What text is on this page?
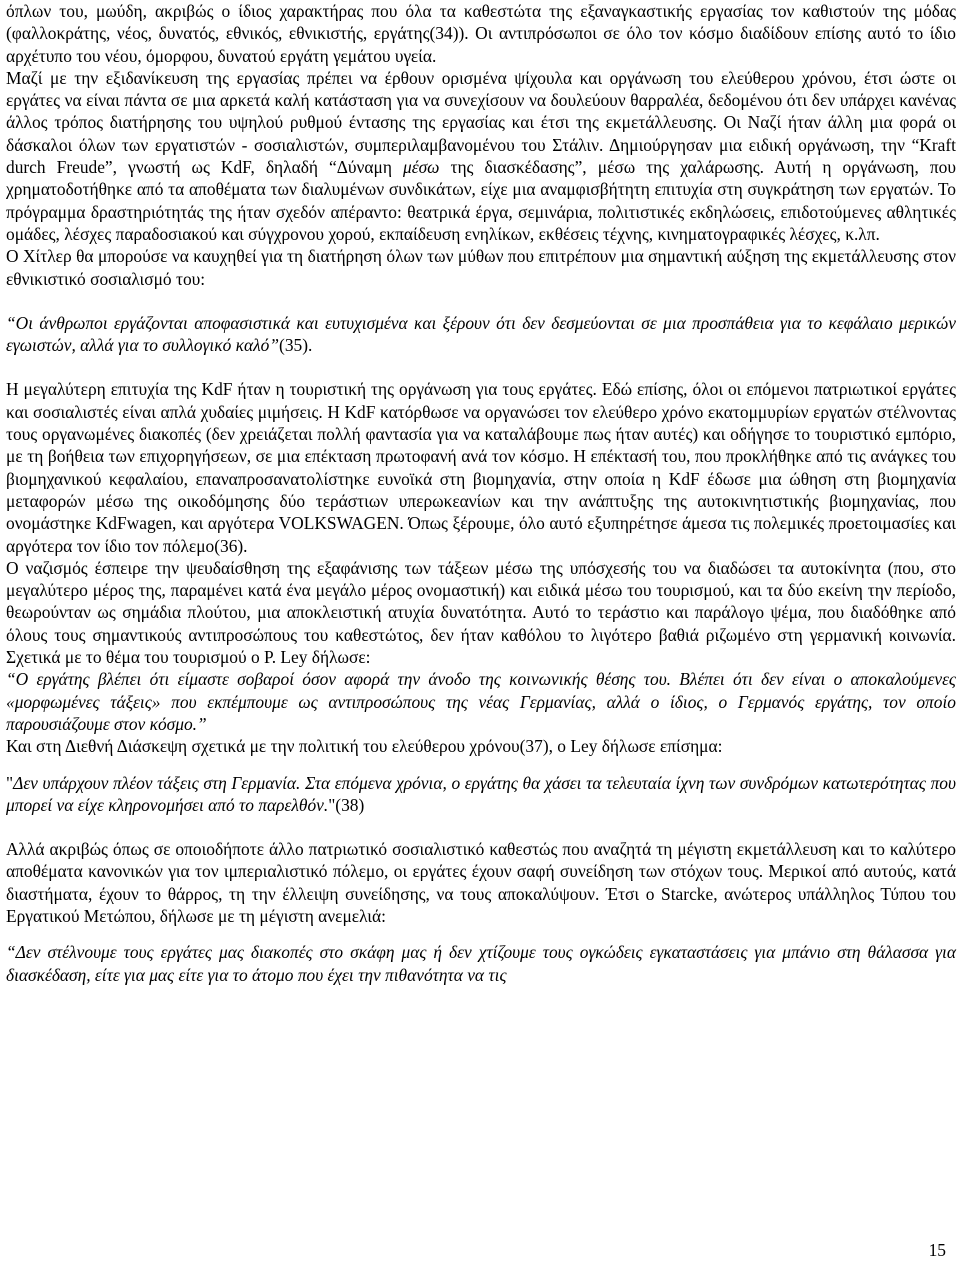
όπλων του, μωύδη, ακριβώς ο ίδιος χαρακτήρας που όλα τα καθεστώτα της εξαναγκαστικής εργασίας τον καθιστούν της μόδας (φαλλοκράτης, νέος, δυνατός, εθνικός, εθνικιστής, εργάτης(34)). Οι αντιπρόσωποι σε όλο τον κόσμο διαδίδουν επίσης αυτό το ίδιο αρχέτυπο του νέου, όμορφου, δυνατού εργάτη γεμάτου υγεία.

Μαζί με την εξιδανίκευση της εργασίας πρέπει να έρθουν ορισμένα ψίχουλα και οργάνωση του ελεύθερου χρόνου, έτσι ώστε οι εργάτες να είναι πάντα σε μια αρκετά καλή κατάσταση για να συνεχίσουν να δουλεύουν θαρραλέα, δεδομένου ότι δεν υπάρχει κανένας άλλος τρόπος διατήρησης του υψηλού ρυθμού έντασης της εργασίας και έτσι της εκμετάλλευσης. Οι Ναζί ήταν άλλη μια φορά οι δάσκαλοι όλων των εργατιστών - σοσιαλιστών, συμπεριλαμβανομένου του Στάλιν. Δημιούργησαν μια ειδική οργάνωση, την “Kraft durch Freude”, γνωστή ως KdF, δηλαδή “Δύναμη μέσω της διασκέδασης”, μέσω της χαλάρωσης. Αυτή η οργάνωση, που χρηματοδοτήθηκε από τα αποθέματα των διαλυμένων συνδικάτων, είχε μια αναμφισβήτητη επιτυχία στη συγκράτηση των εργατών. Το πρόγραμμα δραστηριότητάς της ήταν σχεδόν απέραντο: θεατρικά έργα, σεμινάρια, πολιτιστικές εκδηλώσεις, επιδοτούμενες αθλητικές ομάδες, λέσχες παραδοσιακού και σύγχρονου χορού, εκπαίδευση ενηλίκων, εκθέσεις τέχνης, κινηματογραφικές λέσχες, κ.λπ.

Ο Χίτλερ θα μπορούσε να καυχηθεί για τη διατήρηση όλων των μύθων που επιτρέπουν μια σημαντική αύξηση της εκμετάλλευσης στον εθνικιστικό σοσιαλισμό του:

“Οι άνθρωποι εργάζονται αποφασιστικά και ευτυχισμένα και ξέρουν ότι δεν δεσμεύονται σε μια προσπάθεια για το κεφάλαιο μερικών εγωιστών, αλλά για το συλλογικό καλό”(35).

Η μεγαλύτερη επιτυχία της KdF ήταν η τουριστική της οργάνωση για τους εργάτες. Εδώ επίσης, όλοι οι επόμενοι πατριωτικοί εργάτες και σοσιαλιστές είναι απλά χυδαίες μιμήσεις. Η KdF κατόρθωσε να οργανώσει τον ελεύθερο χρόνο εκατομμυρίων εργατών στέλνοντας τους οργανωμένες διακοπές (δεν χρειάζεται πολλή φαντασία για να καταλάβουμε πως ήταν αυτές) και οδήγησε το τουριστικό εμπόριο, με τη βοήθεια των επιχορηγήσεων, σε μια επέκταση πρωτοφανή ανά τον κόσμο. Η επέκτασή του, που προκλήθηκε από τις ανάγκες του βιομηχανικού κεφαλαίου, επαναπροσανατολίστηκε ευνοϊκά στη βιομηχανία, στην οποία η KdF έδωσε μια ώθηση στη βιομηχανία μεταφορών μέσω της οικοδόμησης δύο τεράστιων υπερωκεανίων και την ανάπτυξης της αυτοκινητιστικής βιομηχανίας, που ονομάστηκε KdFwagen, και αργότερα VOLKSWAGEN. Όπως ξέρουμε, όλο αυτό εξυπηρέτησε άμεσα τις πολεμικές προετοιμασίες και αργότερα τον ίδιο τον πόλεμο(36).

Ο ναζισμός έσπειρε την ψευδαίσθηση της εξαφάνισης των τάξεων μέσω της υπόσχεσής του να διαδώσει τα αυτοκίνητα (που, στο μεγαλύτερο μέρος της, παραμένει κατά ένα μεγάλο μέρος ονομαστική) και ειδικά μέσω του τουρισμού, και τα δύο εκείνη την περίοδο, θεωρούνταν ως σημάδια πλούτου, μια αποκλειστική ατυχία δυνατότητα. Αυτό το τεράστιο και παράλογο ψέμα, που διαδόθηκε από όλους τους σημαντικούς αντιπροσώπους του καθεστώτος, δεν ήταν καθόλου το λιγότερο βαθιά ριζωμένο στη γερμανική κοινωνία. Σχετικά με το θέμα του τουρισμού ο P. Ley δήλωσε:

“Ο εργάτης βλέπει ότι είμαστε σοβαροί όσον αφορά την άνοδο της κοινωνικής θέσης του. Βλέπει ότι δεν είναι ο αποκαλούμενες «μορφωμένες τάξεις» που εκπέμπουμε ως αντιπροσώπους της νέας Γερμανίας, αλλά ο ίδιος, ο Γερμανός εργάτης, τον οποίο παρουσιάζουμε στον κόσμο.”

Και στη Διεθνή Διάσκεψη σχετικά με την πολιτική του ελεύθερου χρόνου(37), ο Ley δήλωσε επίσημα:

"Δεν υπάρχουν πλέον τάξεις στη Γερμανία. Στα επόμενα χρόνια, ο εργάτης θα χάσει τα τελευταία ίχνη των συνδρόμων κατωτερότητας που μπορεί να είχε κληρονομήσει από το παρελθόν."(38)

Αλλά ακριβώς όπως σε οποιοδήποτε άλλο πατριωτικό σοσιαλιστικό καθεστώς που αναζητά τη μέγιστη εκμετάλλευση και το καλύτερο αποθέματα κανονικών για τον ιμπεριαλιστικό πόλεμο, οι εργάτες έχουν σαφή συνείδηση των στόχων τους. Μερικοί από αυτούς, κατά διαστήματα, έχουν το θάρρος, τη την έλλειψη συνείδησης, να τους αποκαλύψουν. Έτσι ο Starcke, ανώτερος υπάλληλος Τύπου του Εργατικού Μετώπου, δήλωσε με τη μέγιστη ανεμελιά:

“Δεν στέλνουμε τους εργάτες μας διακοπές στο σκάφη μας ή δεν χτίζουμε τους ογκώδεις εγκαταστάσεις για μπάνιο στη θάλασσα για διασκέδαση, είτε για μας είτε για το άτομο που έχει την πιθανότητα να τις

15
